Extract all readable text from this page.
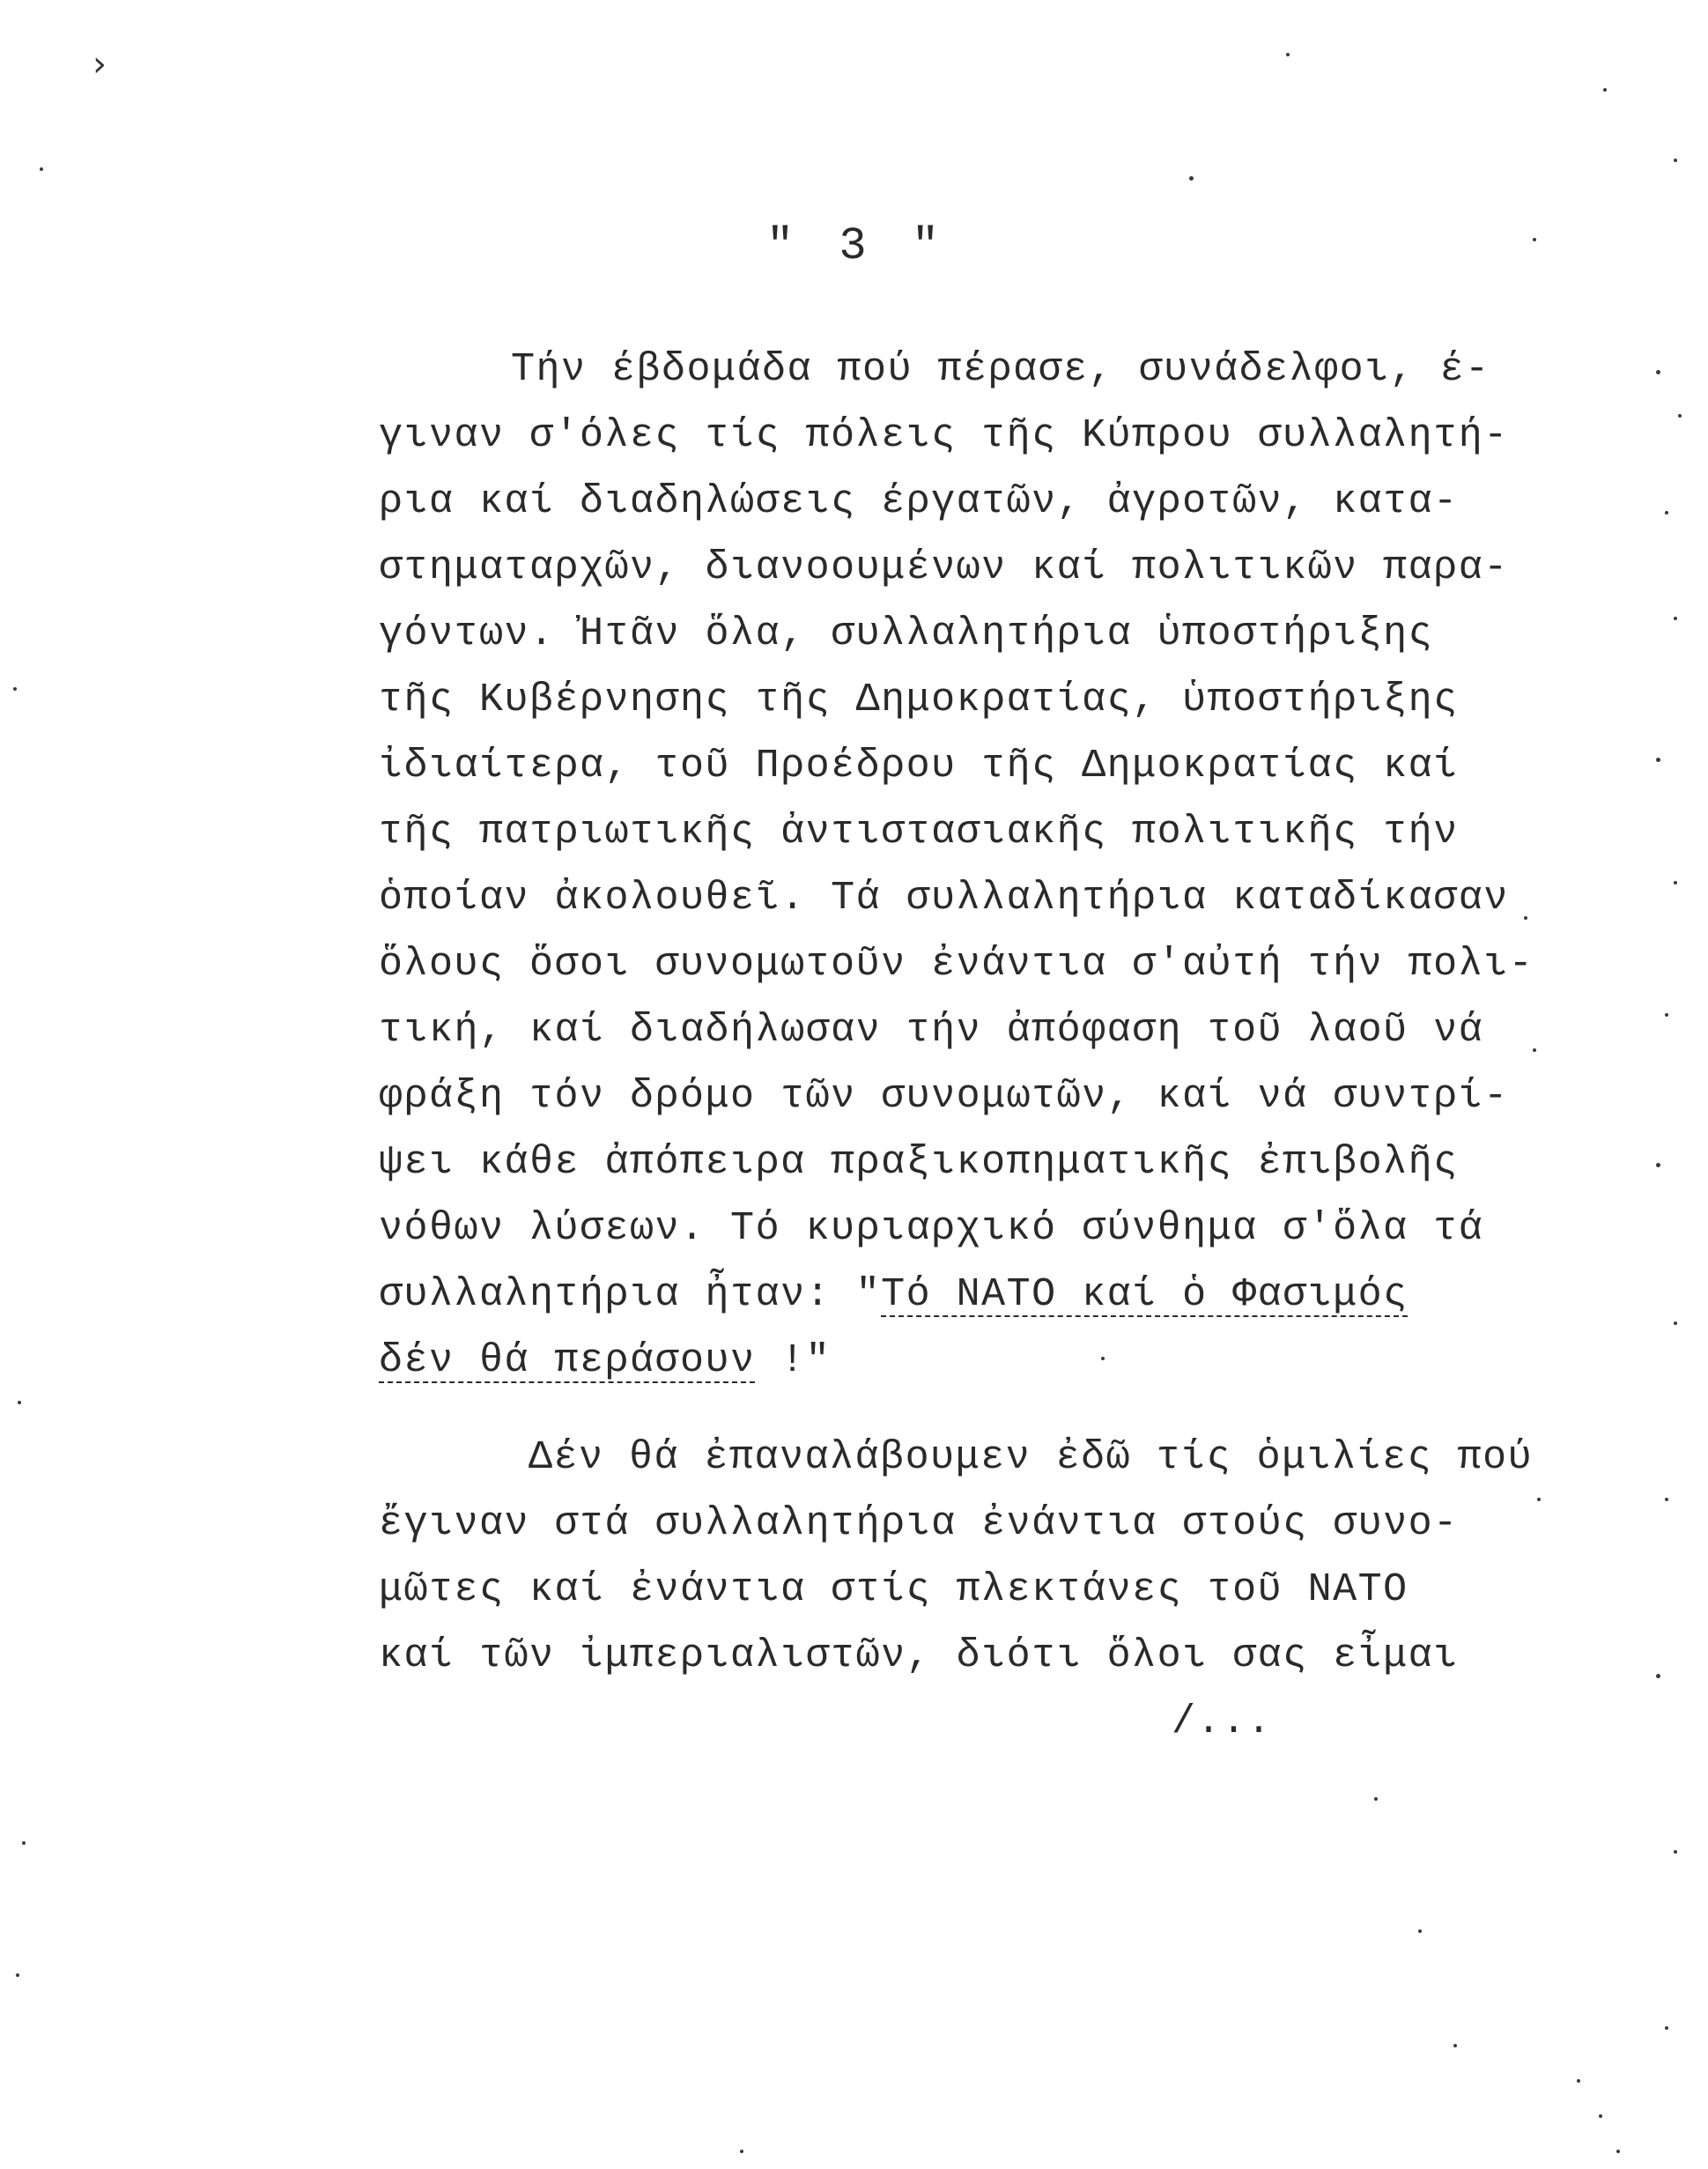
›
" 3 "
Τήν έβδομάδα πού πέρασε, συνάδελφοι, έ-
γιναν σ'όλες τίς πόλεις τῆς Κύπρου συλλαλητή-
ρια καί διαδηλώσεις έργατῶν, ἀγροτῶν, κατα-
στηματαρχῶν, διανοουμένων καί πολιτικῶν παρα-
γόντων. Ἠτᾶν ὅλα, συλλαλητήρια ὑποστήριξης
τῆς Κυβέρνησης τῆς Δημοκρατίας, ὑποστήριξης
ἰδιαίτερα, τοῦ Προέδρου τῆς Δημοκρατίας καί
τῆς πατριωτικῆς ἀντιστασιακῆς πολιτικῆς τήν
ὁποίαν ἀκολουθεῖ. Τά συλλαλητήρια καταδίκασαν
ὅλους ὅσοι συνομωτοῦν ἐνάντια σ'αὐτή τήν πολι-
τική, καί διαδήλωσαν τήν ἀπόφαση τοῦ λαοῦ νά
φράξη τόν δρόμο τῶν συνομωτῶν, καί νά συντρί-
ψει κάθε ἀπόπειρα πραξικοπηματικῆς ἐπιβολῆς
νόθων λύσεων. Τό κυριαρχικό σύνθημα σ'ὅλα τά
συλλαλητήρια ἦταν: "Τό ΝΑΤΟ καί ὁ Φασιμός
δέν θά περάσουν !"
Δέν θά ἐπαναλάβουμεν ἐδῶ τίς ὁμιλίες πού
ἔγιναν στά συλλαλητήρια ἐνάντια στούς συνο-
μῶτες καί ἐνάντια στίς πλεκτάνες τοῦ ΝΑΤΟ
καί τῶν ἰμπεριαλιστῶν, διότι ὅλοι σας εἶμαι
/...
